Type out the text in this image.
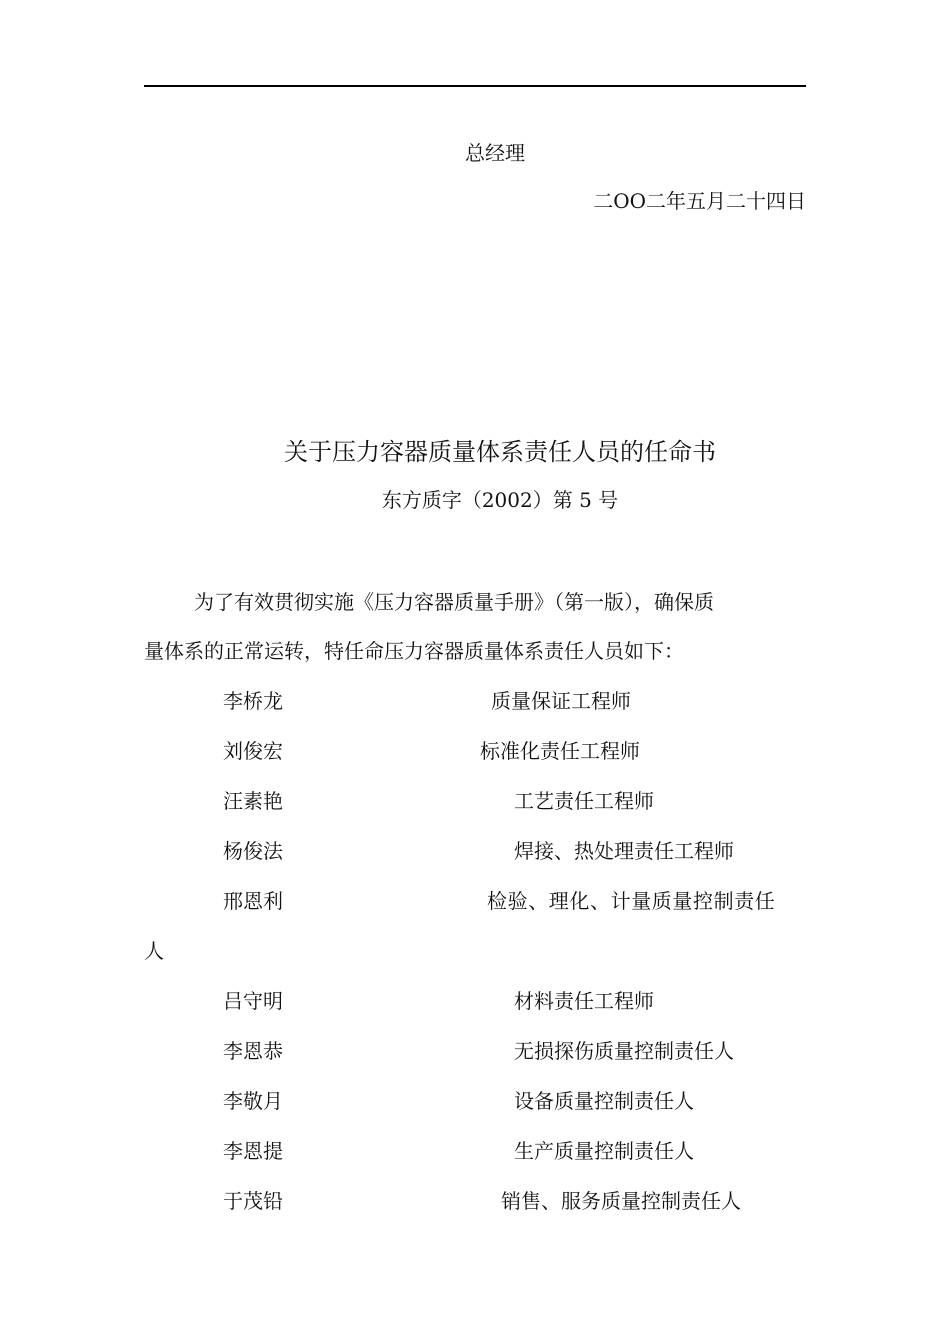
总经理
二OO二年五月二十四日
关于压力容器质量体系责任人员的任命书
东方质字（2002）第 5 号
为了有效贯彻实施《压力容器质量手册》（第一版），确保质
量体系的正常运转，特任命压力容器质量体系责任人员如下：
李桥龙	质量保证工程师
刘俊宏	标准化责任工程师
汪素艳	工艺责任工程师
杨俊法	焊接、热处理责任工程师
邢恩利	检验、理化、计量质量控制责任
人
吕守明	材料责任工程师
李恩恭	无损探伤质量控制责任人
李敬月	设备质量控制责任人
李恩提	生产质量控制责任人
于茂铅	销售、服务质量控制责任人
